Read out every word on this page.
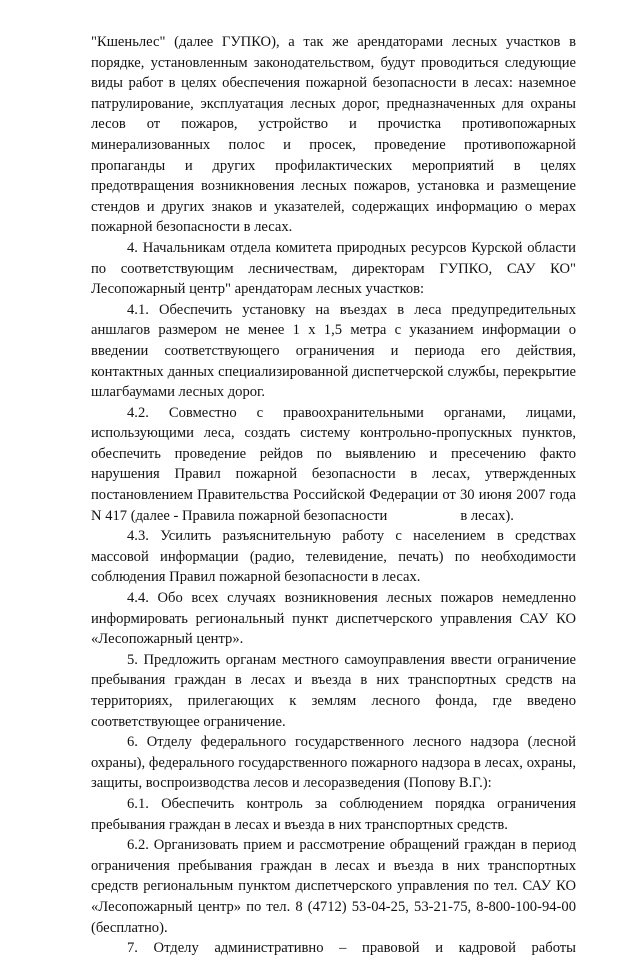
"Кшеньлес" (далее ГУПКО), а так же арендаторами лесных участков в порядке, установленным законодательством, будут проводиться следующие виды работ в целях обеспечения пожарной безопасности в лесах: наземное патрулирование, эксплуатация лесных дорог, предназначенных для охраны лесов от пожаров, устройство и прочистка противопожарных минерализованных полос и просек, проведение противопожарной пропаганды и других профилактических мероприятий в целях предотвращения возникновения лесных пожаров, установка и размещение стендов и других знаков и указателей, содержащих информацию о мерах пожарной безопасности в лесах.

4. Начальникам отдела комитета природных ресурсов Курской области по соответствующим лесничествам, директорам ГУПКО, САУ КО" Лесопожарный центр" арендаторам лесных участков:

4.1. Обеспечить установку на въездах в леса предупредительных аншлагов размером не менее 1 х 1,5 метра с указанием информации о введении соответствующего ограничения и периода его действия, контактных данных специализированной диспетчерской службы, перекрытие шлагбаумами лесных дорог.

4.2. Совместно с правоохранительными органами, лицами, использующими леса, создать систему контрольно-пропускных пунктов, обеспечить проведение рейдов по выявлению и пресечению факто нарушения Правил пожарной безопасности в лесах, утвержденных постановлением Правительства Российской Федерации от 30 июня 2007 года N 417 (далее - Правила пожарной безопасности                    в лесах).

4.3. Усилить разъяснительную работу с населением в средствах массовой информации (радио, телевидение, печать) по необходимости соблюдения Правил пожарной безопасности в лесах.

4.4. Обо всех случаях возникновения лесных пожаров немедленно информировать региональный пункт диспетчерского управления САУ КО «Лесопожарный центр».

5. Предложить органам местного самоуправления ввести ограничение пребывания граждан в лесах и въезда в них транспортных средств на территориях, прилегающих к землям лесного фонда, где введено соответствующее ограничение.

6. Отделу федерального государственного лесного надзора (лесной охраны), федерального государственного пожарного надзора в лесах, охраны, защиты, воспроизводства лесов и лесоразведения (Попову В.Г.):

6.1. Обеспечить контроль за соблюдением порядка ограничения пребывания граждан в лесах и въезда в них транспортных средств.

6.2. Организовать прием и рассмотрение обращений граждан в период ограничения пребывания граждан в лесах и въезда в них транспортных средств региональным пунктом диспетчерского управления по тел. САУ КО «Лесопожарный центр» по тел. 8 (4712) 53-04-25, 53-21-75, 8-800-100-94-00 (бесплатно).

7. Отделу административно – правовой и кадровой работы
